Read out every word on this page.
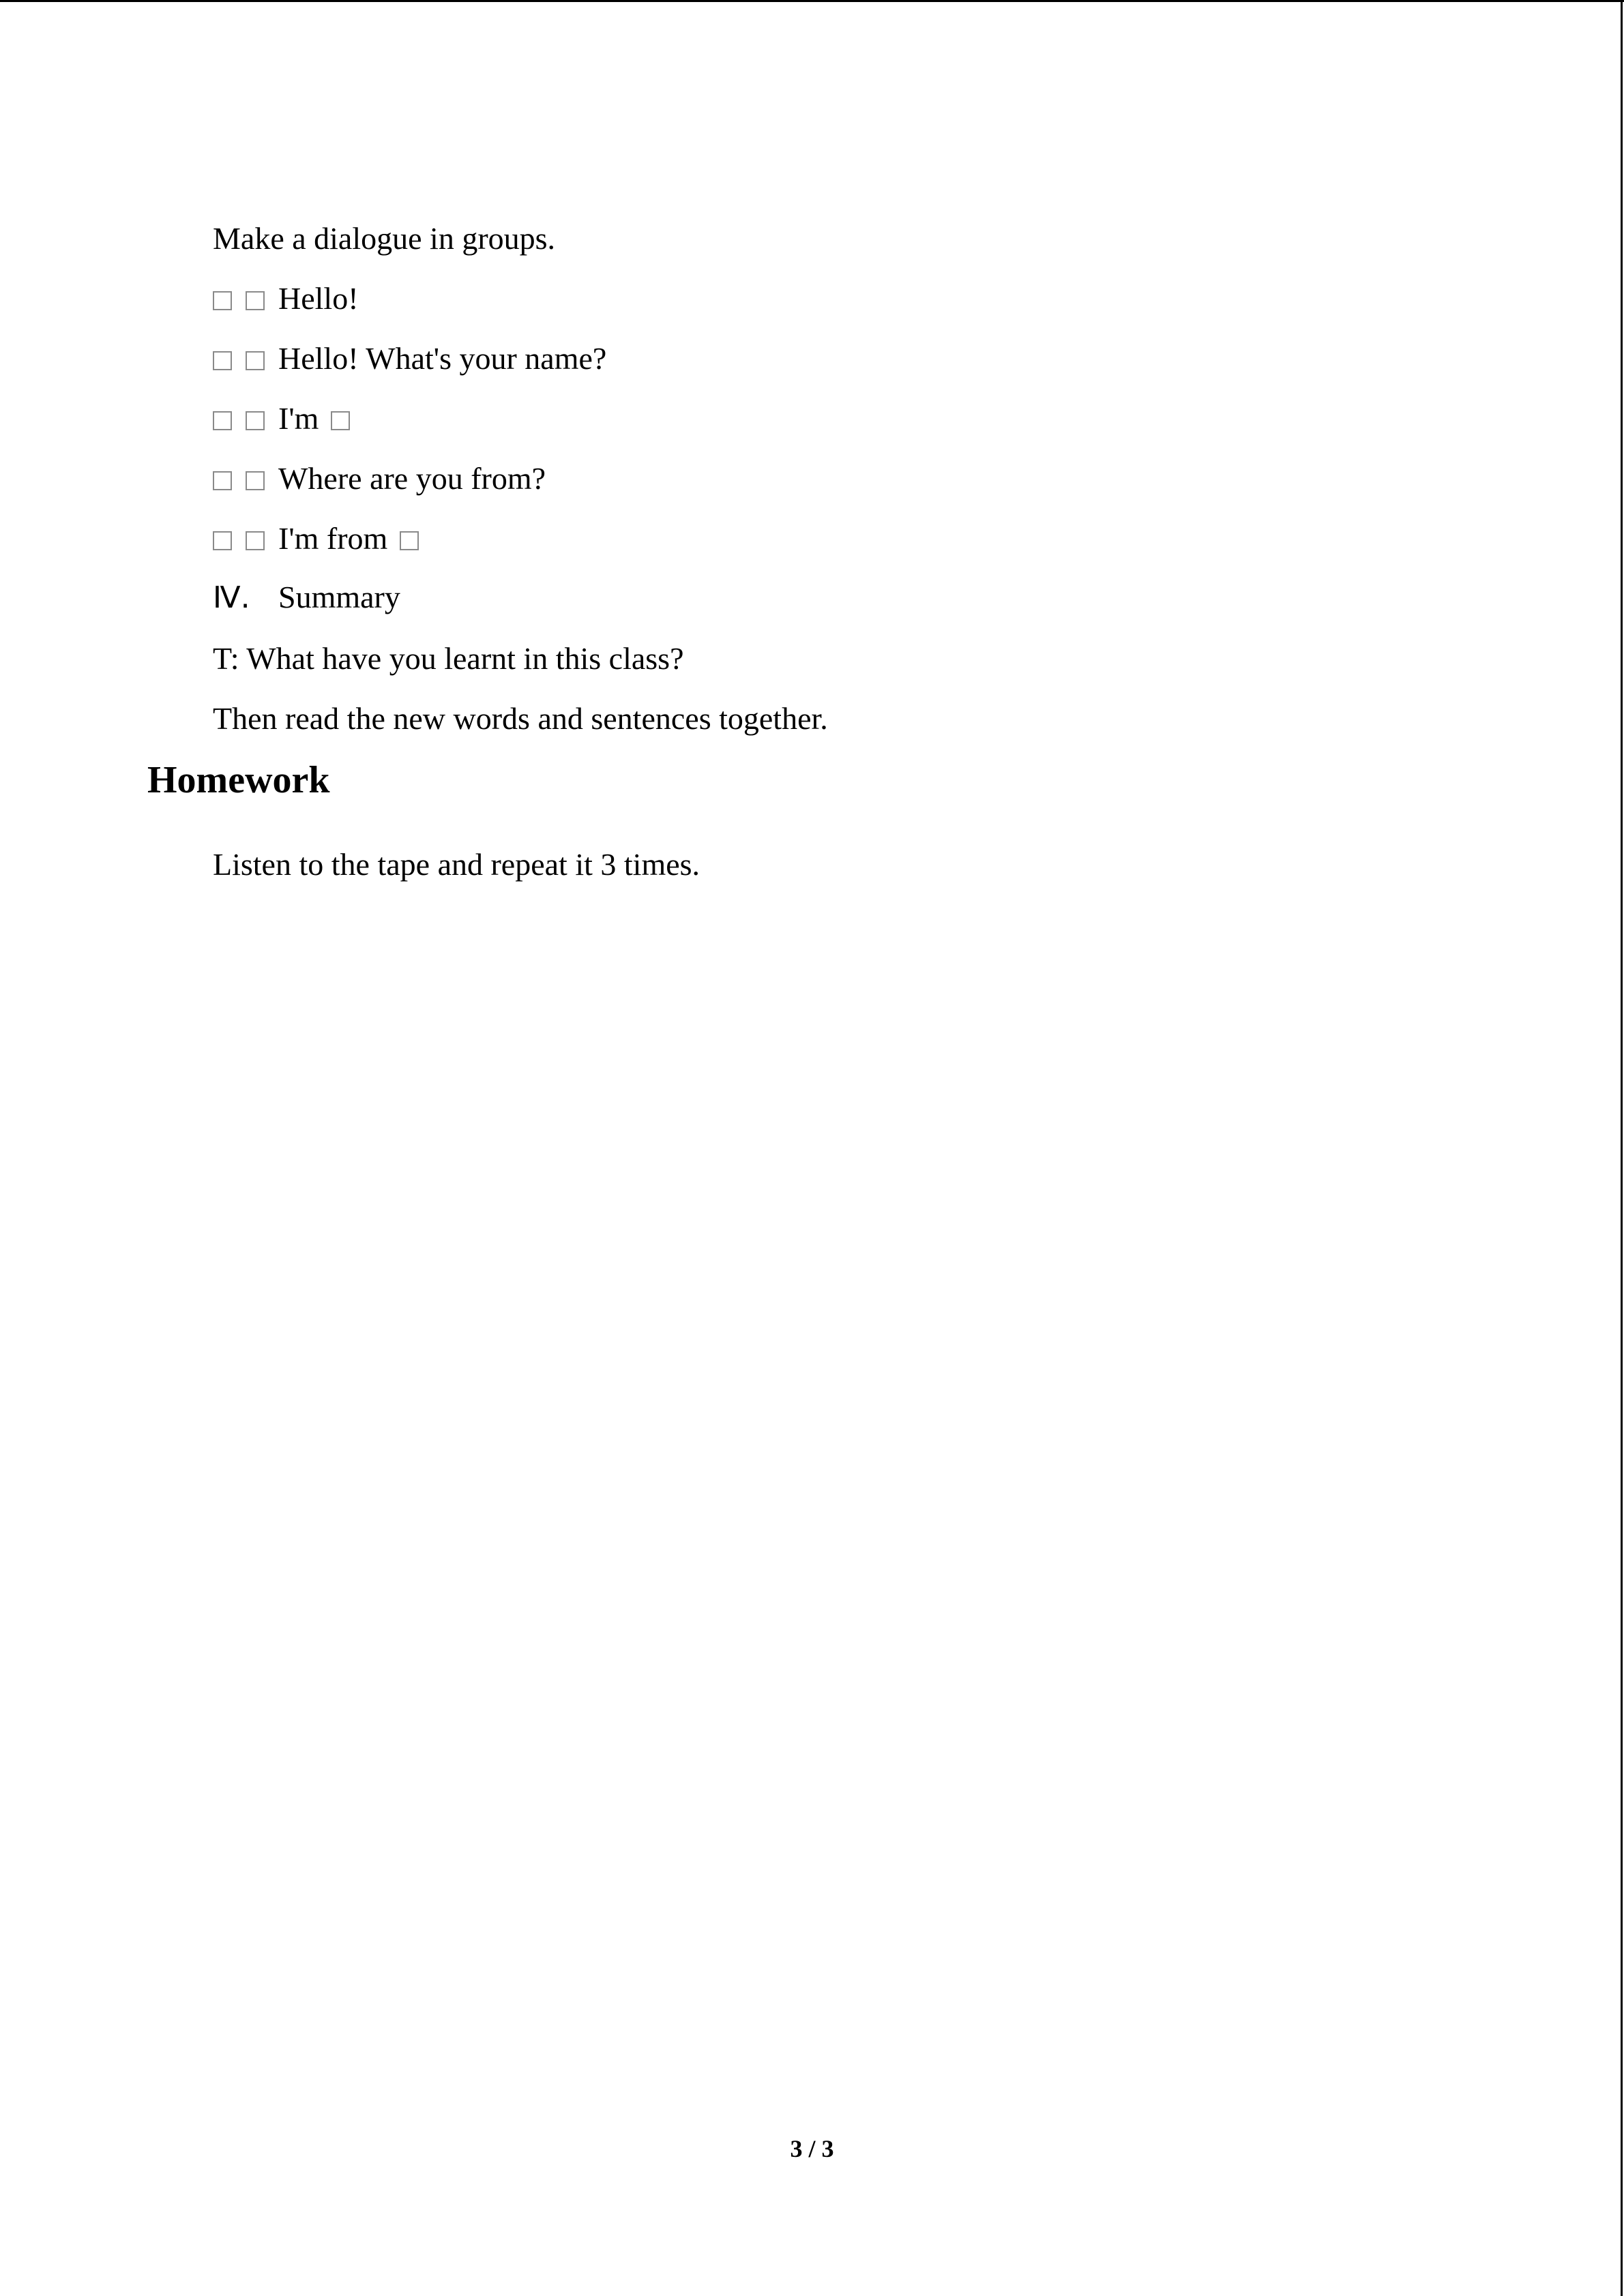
Make a dialogue in groups.
Hello!
Hello! What's your name?
I'm
Where are you from?
I'm from
Ⅳ. Summary
T: What have you learnt in this class?
Then read the new words and sentences together.
Homework
Listen to the tape and repeat it 3 times.
3 / 3
